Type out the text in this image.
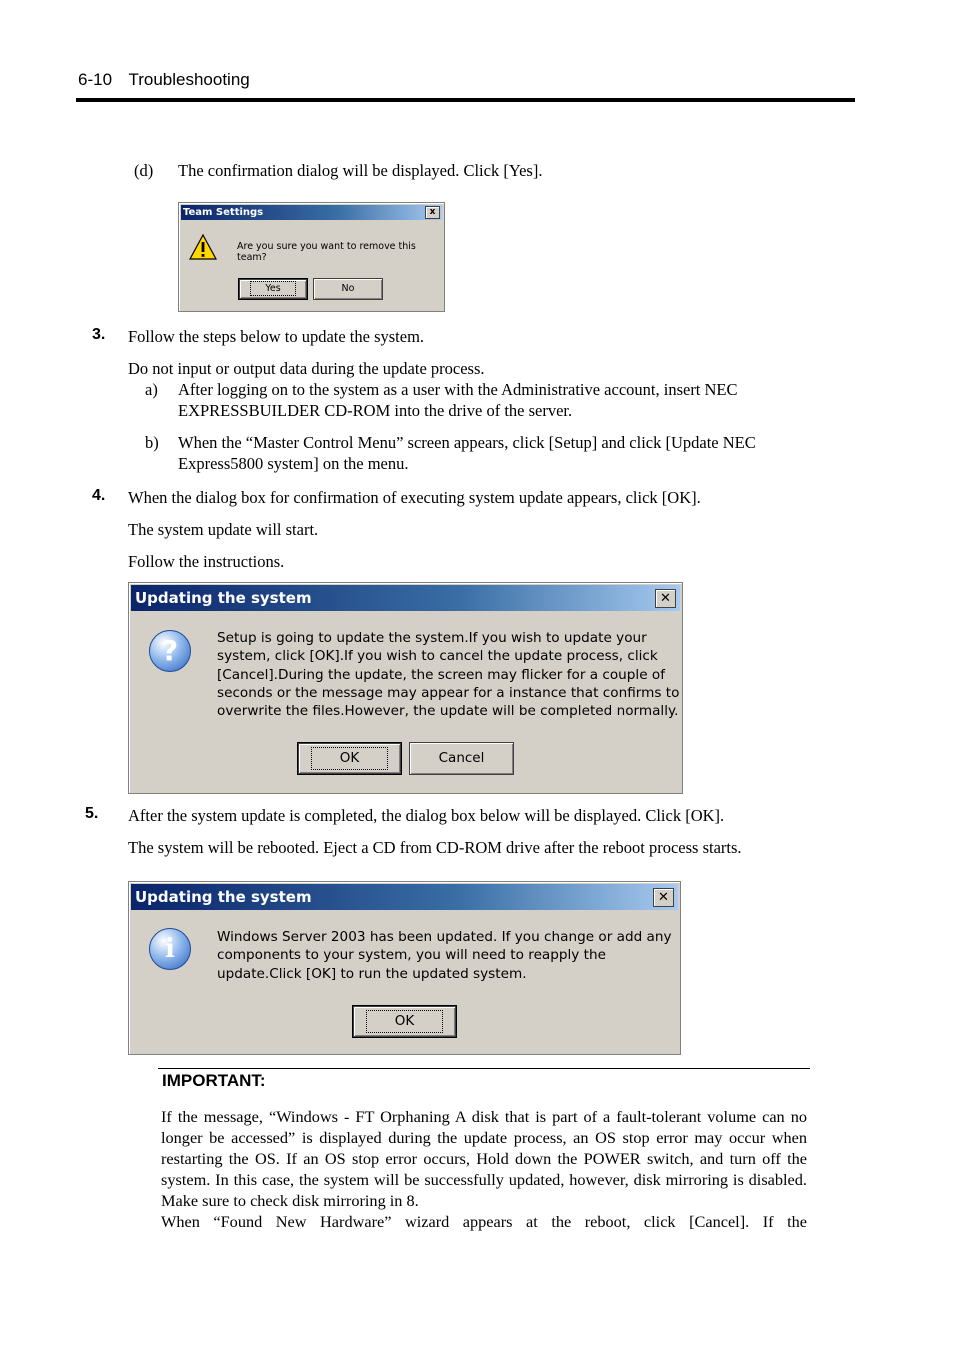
6-10 Troubleshooting
(d) The confirmation dialog will be displayed. Click [Yes].
Team Settings	x
Are you sure you want to remove this team?
Yes	No
3. Follow the steps below to update the system.
Do not input or output data during the update process.
a) After logging on to the system as a user with the Administrative account, insert NEC
EXPRESSBUILDER CD-ROM into the drive of the server.
b) When the “Master Control Menu” screen appears, click [Setup] and click [Update NEC
Express5800 system] on the menu.
4. When the dialog box for confirmation of executing system update appears, click [OK].
The system update will start.
Follow the instructions.
Updating the system	✕
?	Setup is going to update the system.If you wish to update your
system, click [OK].If you wish to cancel the update process, click
[Cancel].During the update, the screen may flicker for a couple of
seconds or the message may appear for a instance that confirms to
overwrite the files.However, the update will be completed normally.
OK	Cancel
5. After the system update is completed, the dialog box below will be displayed. Click [OK].
The system will be rebooted. Eject a CD from CD-ROM drive after the reboot process starts.
Updating the system	✕
i	Windows Server 2003 has been updated. If you change or add any
components to your system, you will need to reapply the
update.Click [OK] to run the updated system.
OK
IMPORTANT:

If the message, “Windows - FT Orphaning A disk that is part of a fault-tolerant volume can no longer be accessed” is displayed during the update process, an OS stop error may occur when restarting the OS. If an OS stop error occurs, Hold down the POWER switch, and turn off the system. In this case, the system will be successfully updated, however, disk mirroring is disabled. Make sure to check disk mirroring in 8.

When “Found New Hardware” wizard appears at the reboot, click [Cancel]. If the
